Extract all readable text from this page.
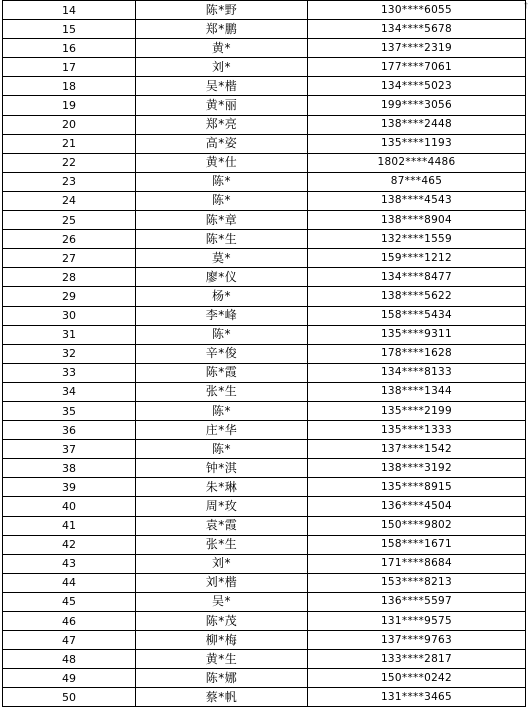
†
14	陈*野	130****6055
15	郑*鹏	134****5678
16	黄*	137****2319
17	刘*	177****7061
18	吴*楷	134****5023
19	黄*丽	199****3056
20	郑*亮	138****2448
21	高*姿	135****1193
22	黄*仕	1802****4486
23	陈*	87***465
24	陈*	138****4543
25	陈*章	138****8904
26	陈*生	132****1559
27	莫*	159****1212
28	廖*仪	134****8477
29	杨*	138****5622
30	李*峰	158****5434
31	陈*	135****9311
32	辛*俊	178****1628
33	陈*霞	134****8133
34	张*生	138****1344
35	陈*	135****2199
36	庄*华	135****1333
37	陈*	137****1542
38	钟*淇	138****3192
39	朱*琳	135****8915
40	周*玫	136****4504
41	袁*霞	150****9802
42	张*生	158****1671
43	刘*	171****8684
44	刘*楷	153****8213
45	吴*	136****5597
46	陈*茂	131****9575
47	柳*梅	137****9763
48	黄*生	133****2817
49	陈*娜	150****0242
50	蔡*帆	131****3465
